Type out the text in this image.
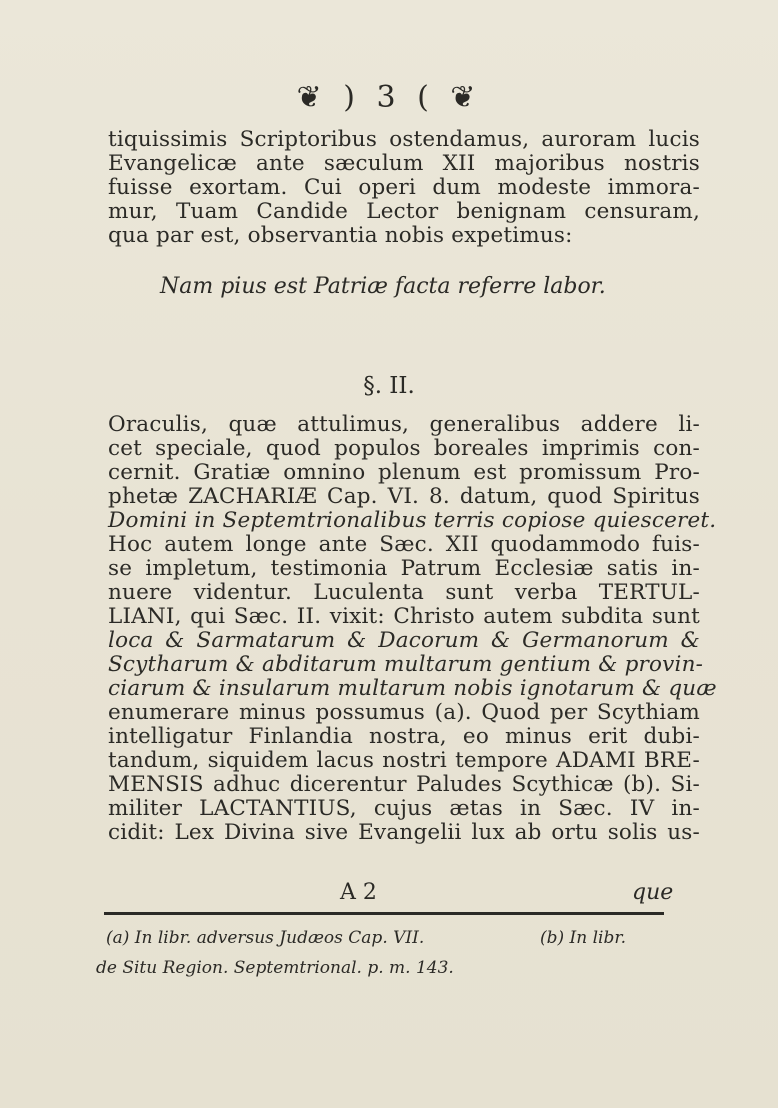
❦ ) 3 ( ❦
tiquissimis Scriptoribus ostendamus, auroram lucis
Evangelicæ ante sæculum XII majoribus nostris
fuisse exortam. Cui operi dum modeste immora-
mur, Tuam Candide Lector benignam censuram,
qua par est, observantia nobis expetimus:
Nam pius est Patriæ facta referre labor.
§. II.
Oraculis, quæ attulimus, generalibus addere li-
cet speciale, quod populos boreales imprimis con-
cernit. Gratiæ omnino plenum est promissum Pro-
phetæ ZACHARIÆ Cap. VI. 8. datum, quod Spiritus
Domini in Septemtrionalibus terris copiose quiesceret.
Hoc autem longe ante Sæc. XII quodammodo fuis-
se impletum, testimonia Patrum Ecclesiæ satis in-
nuere videntur. Luculenta sunt verba TERTUL-
LIANI, qui Sæc. II. vixit: Christo autem subdita sunt
loca & Sarmatarum & Dacorum & Germanorum &
Scytharum & abditarum multarum gentium & provin-
ciarum & insularum multarum nobis ignotarum & quæ
enumerare minus possumus (a). Quod per Scythiam
intelligatur Finlandia nostra, eo minus erit dubi-
tandum, siquidem lacus nostri tempore ADAMI BRE-
MENSIS adhuc dicerentur Paludes Scythicæ (b). Si-
militer LACTANTIUS, cujus ætas in Sæc. IV in-
cidit: Lex Divina sive Evangelii lux ab ortu solis us-
A 2	que
(a) In libr. adversus Judæos Cap. VII.	(b) In libr.
de Situ Region. Septemtrional. p. m. 143.
